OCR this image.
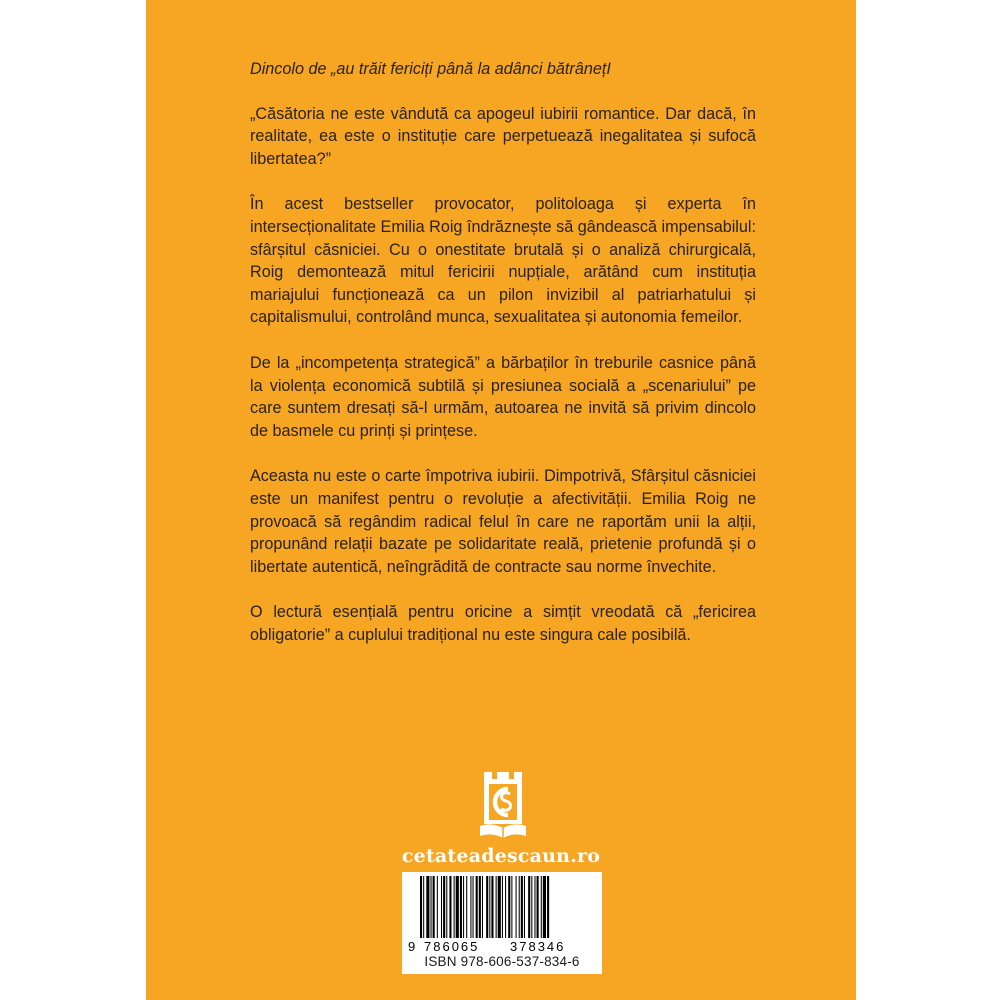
Dincolo de „au trăit fericiți până la adânci bătrânețI

„Căsătoria ne este vândută ca apogeul iubirii romantice. Dar dacă, în realitate, ea este o instituție care perpetuează inegalitatea și sufocă libertatea?”

În acest bestseller provocator, politoloaga și experta în intersecționalitate Emilia Roig îndrăznește să gândească impensabilul: sfârșitul căsniciei. Cu o onestitate brutală și o analiză chirurgicală, Roig demontează mitul fericirii nupțiale, arătând cum instituția mariajului funcționează ca un pilon invizibil al patriarhatului și capitalismului, controlând munca, sexualitatea și autonomia femeilor.

De la „incompetența strategică” a bărbaților în treburile casnice până la violența economică subtilă și presiunea socială a „scenariului” pe care suntem dresați să-l urmăm, autoarea ne invită să privim dincolo de basmele cu prinți și prințese.

Aceasta nu este o carte împotriva iubirii. Dimpotrivă, Sfârșitul căsniciei este un manifest pentru o revoluție a afectivității. Emilia Roig ne provoacă să regândim radical felul în care ne raportăm unii la alții, propunând relații bazate pe solidaritate reală, prietenie profundă și o libertate autentică, neîngrădită de contracte sau norme învechite.

O lectură esențială pentru oricine a simțit vreodată că „fericirea obligatorie” a cuplului tradițional nu este singura cale posibilă.

cetateadescaun.ro
9 786065 378346
ISBN 978-606-537-834-6
